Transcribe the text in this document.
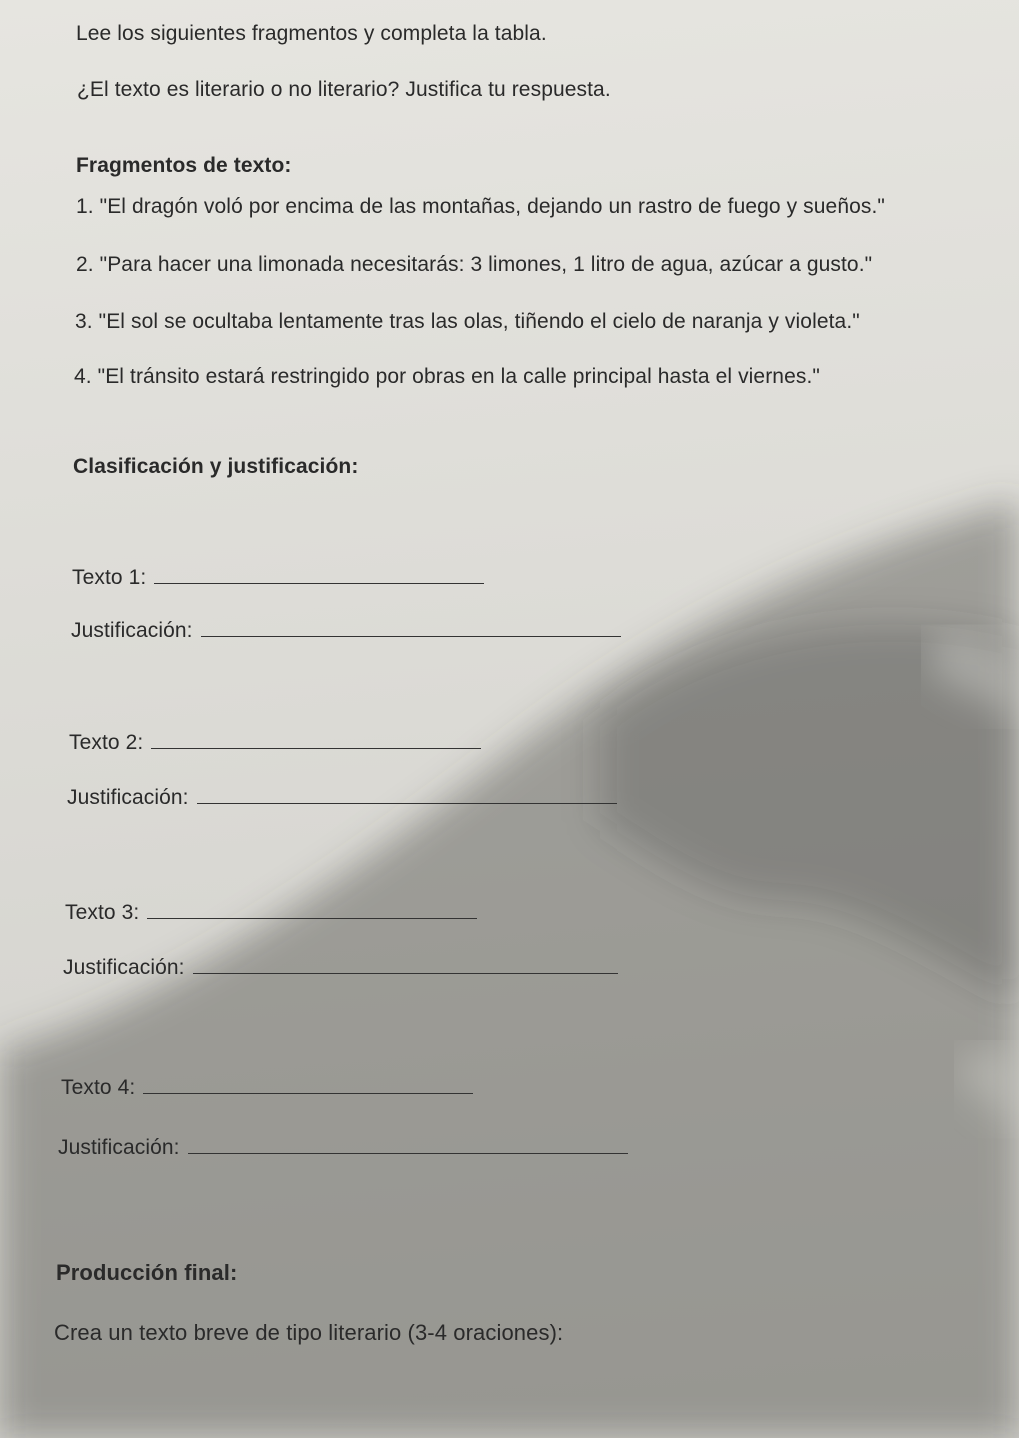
Lee los siguientes fragmentos y completa la tabla.
¿El texto es literario o no literario? Justifica tu respuesta.
Fragmentos de texto:
1. "El dragón voló por encima de las montañas, dejando un rastro de fuego y sueños."
2. "Para hacer una limonada necesitarás: 3 limones, 1 litro de agua, azúcar a gusto."
3. "El sol se ocultaba lentamente tras las olas, tiñendo el cielo de naranja y violeta."
4. "El tránsito estará restringido por obras en la calle principal hasta el viernes."
Clasificación y justificación:
Texto 1:
Justificación:
Texto 2:
Justificación:
Texto 3:
Justificación:
Texto 4:
Justificación:
Producción final:
Crea un texto breve de tipo literario (3-4 oraciones):
